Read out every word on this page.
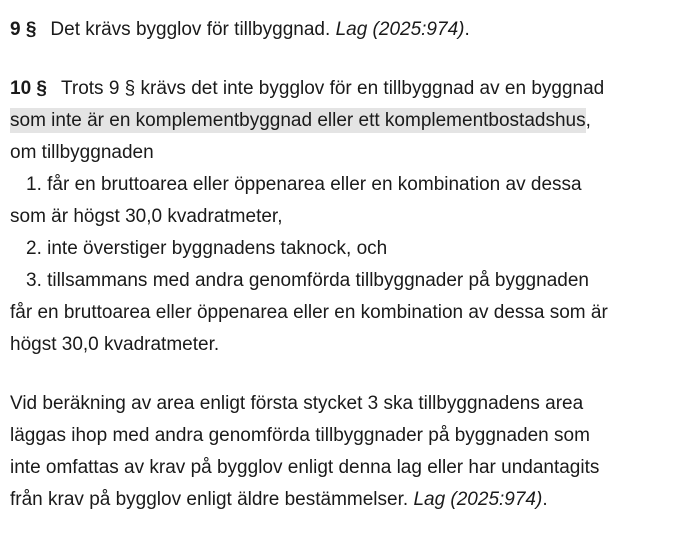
9 § Det krävs bygglov för tillbyggnad. Lag (2025:974).
10 § Trots 9 § krävs det inte bygglov för en tillbyggnad av en byggnad
som inte är en komplementbyggnad eller ett komplementbostadshus,
om tillbyggnaden
1. får en bruttoarea eller öppenarea eller en kombination av dessa
som är högst 30,0 kvadratmeter,
2. inte överstiger byggnadens taknock, och
3. tillsammans med andra genomförda tillbyggnader på byggnaden
får en bruttoarea eller öppenarea eller en kombination av dessa som är
högst 30,0 kvadratmeter.
Vid beräkning av area enligt första stycket 3 ska tillbyggnadens area
läggas ihop med andra genomförda tillbyggnader på byggnaden som
inte omfattas av krav på bygglov enligt denna lag eller har undantagits
från krav på bygglov enligt äldre bestämmelser. Lag (2025:974).
